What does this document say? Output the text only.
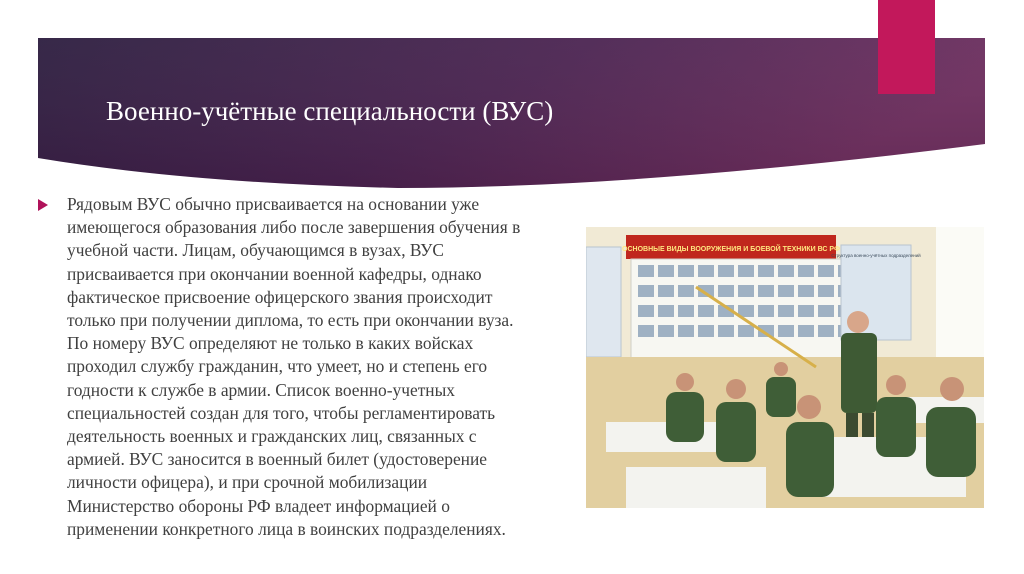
Военно-учётные специальности (ВУС)
Рядовым ВУС обычно присваивается на основании уже
имеющегося образования либо после завершения обучения в
учебной части. Лицам, обучающимся в вузах, ВУС
присваивается при окончании военной кафедры, однако
фактическое присвоение офицерского звания происходит
только при получении диплома, то есть при окончании вуза.
По номеру ВУС определяют не только в каких войсках
проходил службу гражданин, что умеет, но и степень его
годности к службе в армии. Список военно-учетных
специальностей создан для того, чтобы регламентировать
деятельность военных и гражданских лиц, связанных с
армией. ВУС заносится в военный билет (удостоверение
личности офицера), и при срочной мобилизации
Министерство обороны РФ владеет информацией о
применении конкретного лица в воинских подразделениях.
ОСНОВНЫЕ ВИДЫ ВООРУЖЕНИЯ И БОЕВОЙ ТЕХНИКИ ВС РФ
Структура военно-учётных подразделений
